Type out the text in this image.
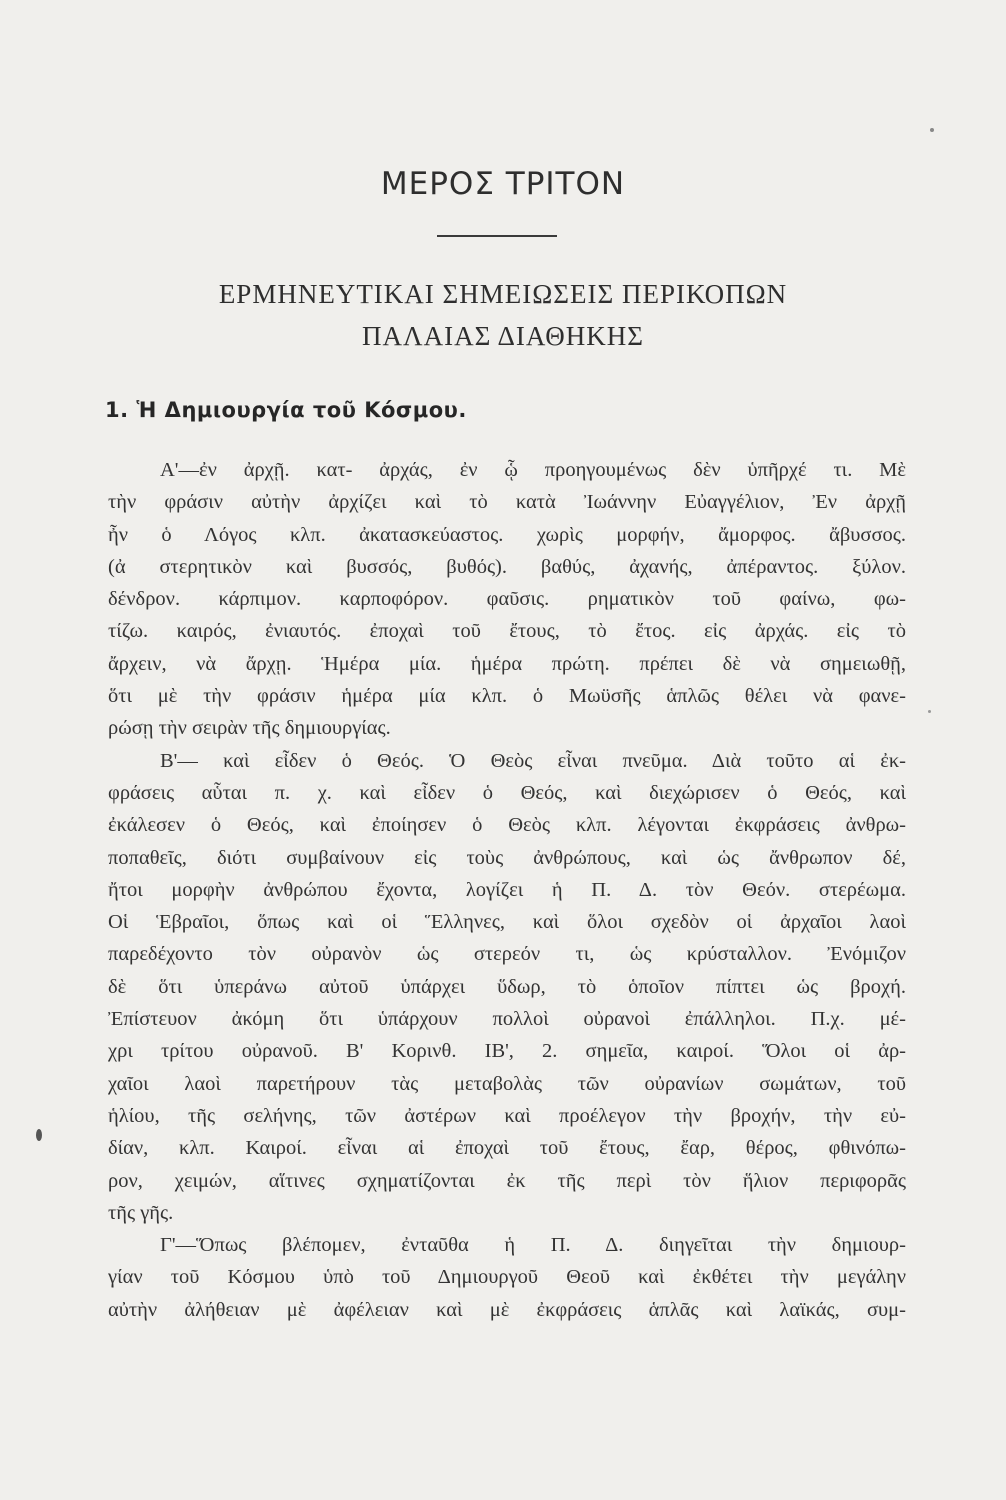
ΜΕΡΟΣ ΤΡΙΤΟΝ
ΕΡΜΗΝΕΥΤΙΚΑΙ ΣΗΜΕΙΩΣΕΙΣ ΠΕΡΙΚΟΠΩΝ
ΠΑΛΑΙΑΣ ΔΙΑΘΗΚΗΣ
1. Ἡ Δημιουργία τοῦ Κόσμου.
Α'—ἐν ἀρχῇ. κατ- ἀρχάς, ἐν ᾧ προηγουμένως δὲν ὑπῆρχέ τι. Μὲ
τὴν φράσιν αὐτὴν ἀρχίζει καὶ τὸ κατὰ Ἰωάννην Εὐαγγέλιον, Ἐν ἀρχῇ
ἦν ὁ Λόγος κλπ. ἀκατασκεύαστος. χωρὶς μορφήν, ἄμορφος. ἄβυσσος.
(ἀ στερητικὸν καὶ βυσσός, βυθός). βαθύς, ἀχανής, ἀπέραντος. ξύλον.
δένδρον. κάρπιμον. καρποφόρον. φαῦσις. ρηματικὸν τοῦ φαίνω, φω-
τίζω. καιρός, ἐνιαυτός. ἐποχαὶ τοῦ ἔτους, τὸ ἔτος. εἰς ἀρχάς. εἰς τὸ
ἄρχειν, νὰ ἄρχῃ. Ἡμέρα μία. ἡμέρα πρώτη. πρέπει δὲ νὰ σημειωθῇ,
ὅτι μὲ τὴν φράσιν ἡμέρα μία κλπ. ὁ Μωϋσῆς ἁπλῶς θέλει νὰ φανε-
ρώσῃ τὴν σειρὰν τῆς δημιουργίας.
Β'— καὶ εἶδεν ὁ Θεός. Ὁ Θεὸς εἶναι πνεῦμα. Διὰ τοῦτο αἱ ἐκ-
φράσεις αὗται π. χ. καὶ εἶδεν ὁ Θεός, καὶ διεχώρισεν ὁ Θεός, καὶ
ἐκάλεσεν ὁ Θεός, καὶ ἐποίησεν ὁ Θεὸς κλπ. λέγονται ἐκφράσεις ἀνθρω-
ποπαθεῖς, διότι συμβαίνουν εἰς τοὺς ἀνθρώπους, καὶ ὡς ἄνθρωπον δέ,
ἤτοι μορφὴν ἀνθρώπου ἔχοντα, λογίζει ἡ Π. Δ. τὸν Θεόν. στερέωμα.
Οἱ Ἑβραῖοι, ὅπως καὶ οἱ Ἕλληνες, καὶ ὅλοι σχεδὸν οἱ ἀρχαῖοι λαοὶ
παρεδέχοντο τὸν οὐρανὸν ὡς στερεόν τι, ὡς κρύσταλλον. Ἐνόμιζον
δὲ ὅτι ὑπεράνω αὐτοῦ ὑπάρχει ὕδωρ, τὸ ὁποῖον πίπτει ὡς βροχή.
Ἐπίστευον ἀκόμη ὅτι ὑπάρχουν πολλοὶ οὐρανοὶ ἐπάλληλοι. Π.χ. μέ-
χρι τρίτου οὐρανοῦ. Β' Κορινθ. ΙΒ', 2. σημεῖα, καιροί. Ὅλοι οἱ ἀρ-
χαῖοι λαοὶ παρετήρουν τὰς μεταβολὰς τῶν οὐρανίων σωμάτων, τοῦ
ἡλίου, τῆς σελήνης, τῶν ἀστέρων καὶ προέλεγον τὴν βροχήν, τὴν εὐ-
δίαν, κλπ. Καιροί. εἶναι αἱ ἐποχαὶ τοῦ ἔτους, ἔαρ, θέρος, φθινόπω-
ρον, χειμών, αἵτινες σχηματίζονται ἐκ τῆς περὶ τὸν ἥλιον περιφορᾶς
τῆς γῆς.
Γ'—Ὅπως βλέπομεν, ἐνταῦθα ἡ Π. Δ. διηγεῖται τὴν δημιουρ-
γίαν τοῦ Κόσμου ὑπὸ τοῦ Δημιουργοῦ Θεοῦ καὶ ἐκθέτει τὴν μεγάλην
αὐτὴν ἀλήθειαν μὲ ἀφέλειαν καὶ μὲ ἐκφράσεις ἁπλᾶς καὶ λαϊκάς, συμ-
